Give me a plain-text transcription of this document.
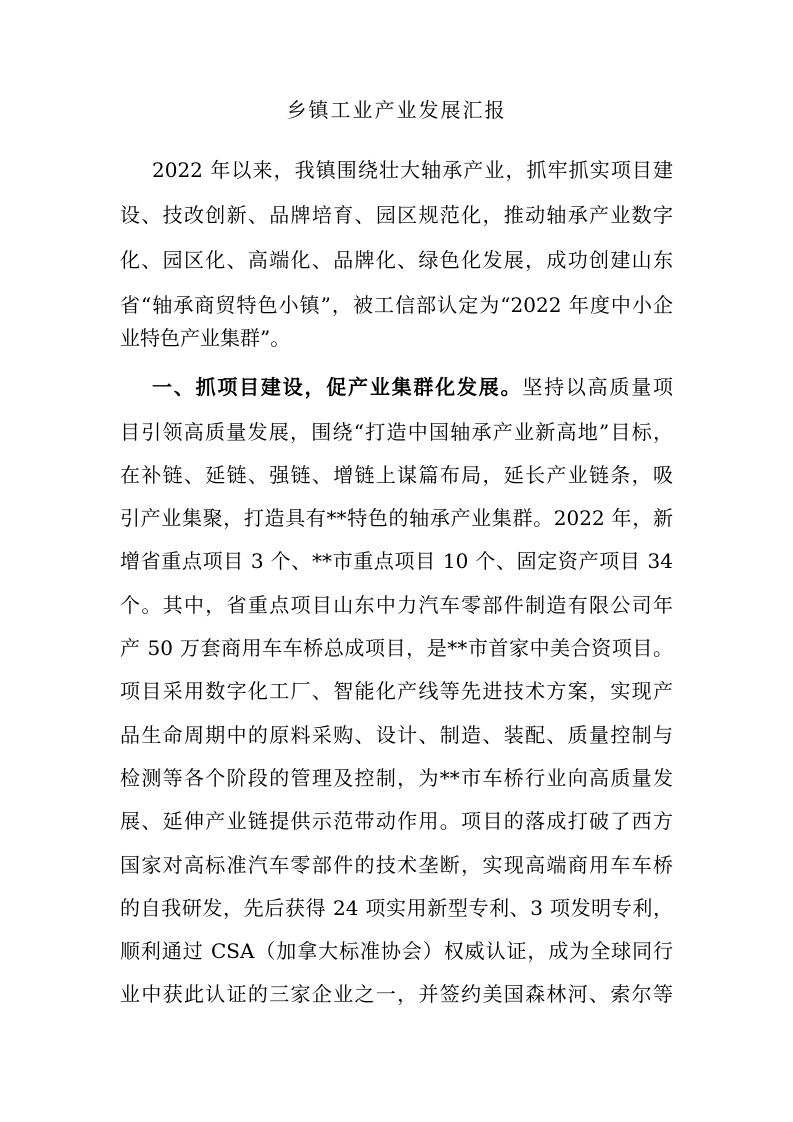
乡镇工业产业发展汇报
2022 年以来，我镇围绕壮大轴承产业，抓牢抓实项目建
设、技改创新、品牌培育、园区规范化，推动轴承产业数字
化、园区化、高端化、品牌化、绿色化发展，成功创建山东
省“轴承商贸特色小镇”，被工信部认定为“2022 年度中小企
业特色产业集群”。
一、抓项目建设，促产业集群化发展。坚持以高质量项
目引领高质量发展，围绕“打造中国轴承产业新高地”目标，
在补链、延链、强链、增链上谋篇布局，延长产业链条，吸
引产业集聚，打造具有**特色的轴承产业集群。2022 年，新
增省重点项目 3 个、**市重点项目 10 个、固定资产项目 34
个。其中，省重点项目山东中力汽车零部件制造有限公司年
产 50 万套商用车车桥总成项目，是**市首家中美合资项目。
项目采用数字化工厂、智能化产线等先进技术方案，实现产
品生命周期中的原料采购、设计、制造、装配、质量控制与
检测等各个阶段的管理及控制，为**市车桥行业向高质量发
展、延伸产业链提供示范带动作用。项目的落成打破了西方
国家对高标准汽车零部件的技术垄断，实现高端商用车车桥
的自我研发，先后获得 24 项实用新型专利、3 项发明专利，
顺利通过 CSA（加拿大标准协会）权威认证，成为全球同行
业中获此认证的三家企业之一，并签约美国森林河、索尔等
